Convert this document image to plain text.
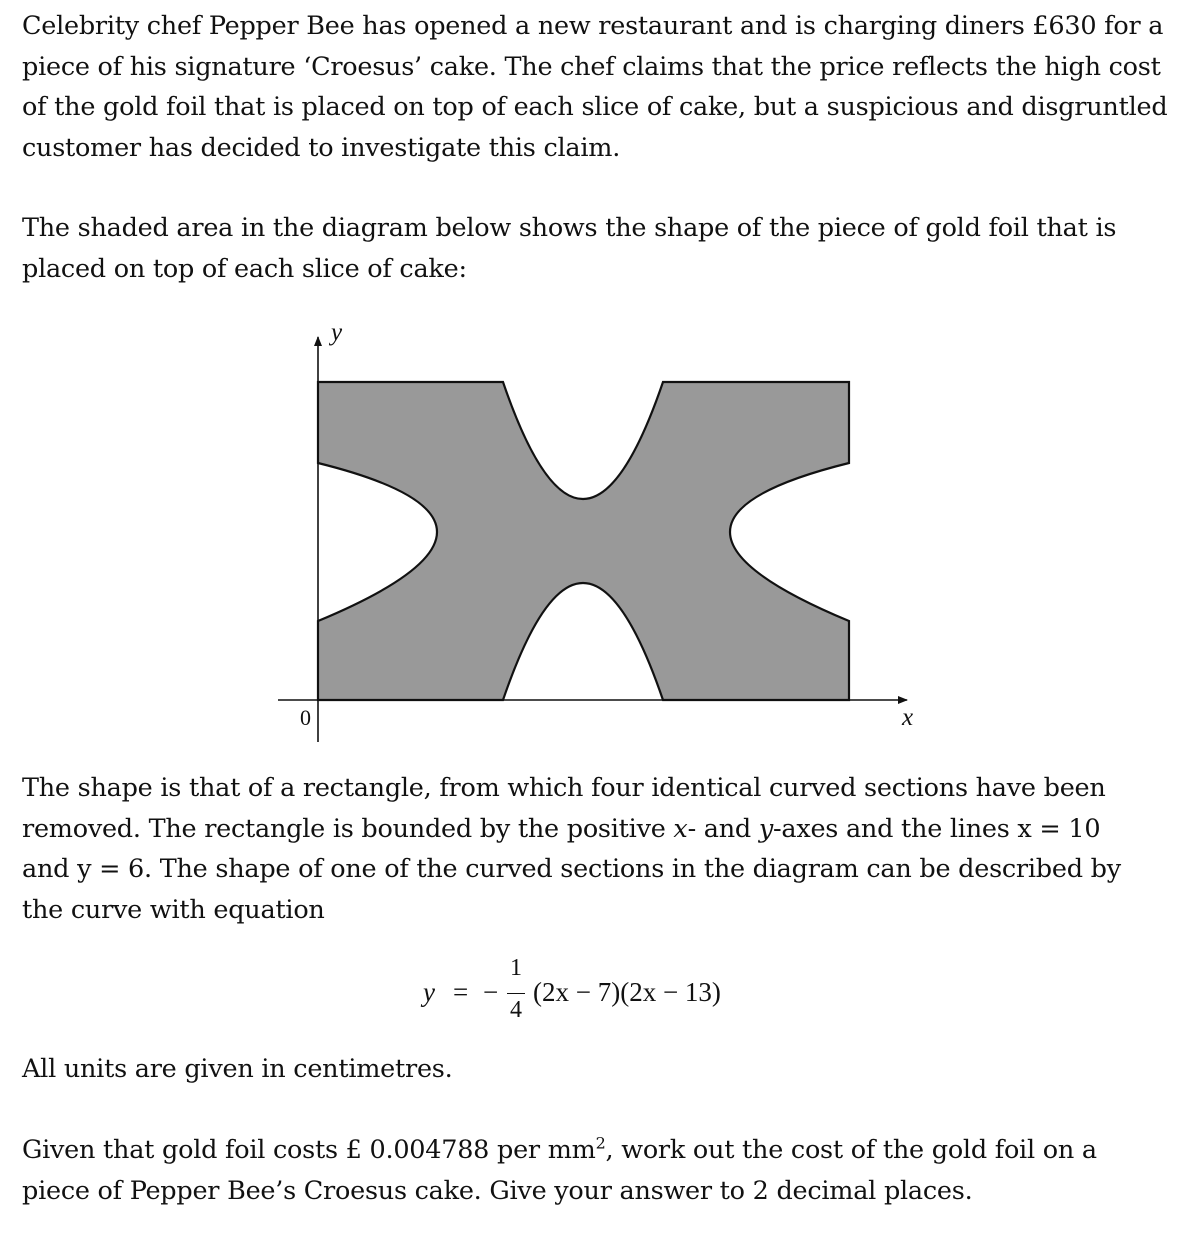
Celebrity chef Pepper Bee has opened a new restaurant and is charging diners £630 for a
piece of his signature ‘Croesus’ cake. The chef claims that the price reflects the high cost
of the gold foil that is placed on top of each slice of cake, but a suspicious and disgruntled
customer has decided to investigate this claim.
The shaded area in the diagram below shows the shape of the piece of gold foil that is
placed on top of each slice of cake:
y
x
0
The shape is that of a rectangle, from which four identical curved sections have been
removed. The rectangle is bounded by the positive x- and y-axes and the lines x = 10
and y = 6. The shape of one of the curved sections in the diagram can be described by
the curve with equation
y = −
1
4
(2x − 7)(2x − 13)
All units are given in centimetres.
Given that gold foil costs £ 0.004788 per $mm^2$, work out the cost of the gold foil on a
piece of Pepper Bee’s Croesus cake. Give your answer to 2 decimal places.
